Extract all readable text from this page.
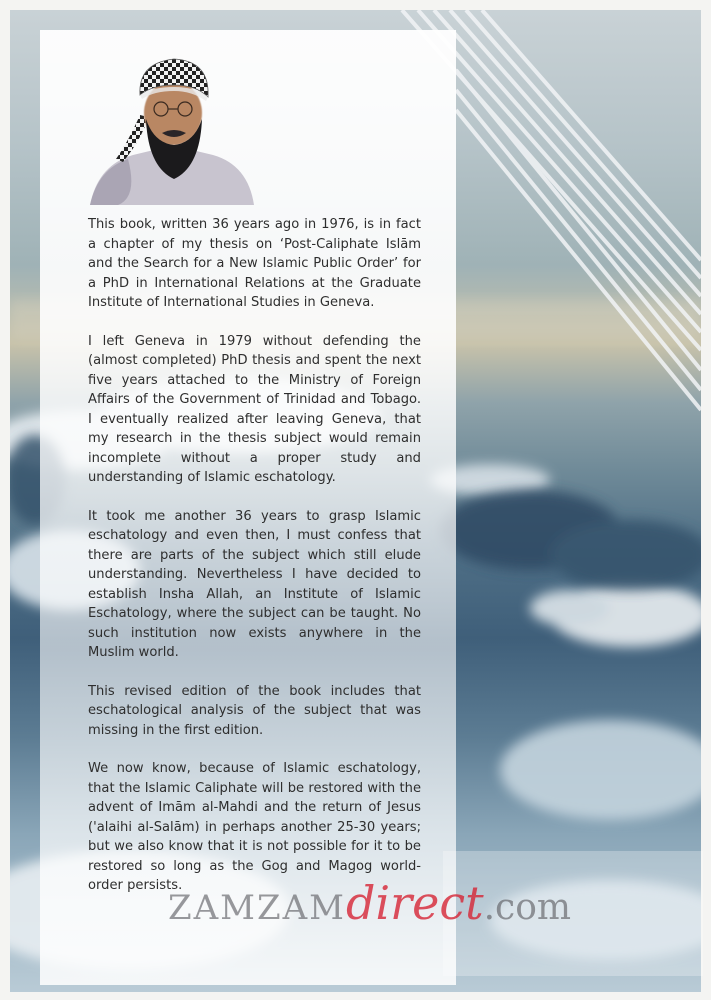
This book, written 36 years ago in 1976, is in fact a chapter of my thesis on ‘Post-Caliphate Islām and the Search for a New Islamic Public Order’ for a PhD in International Relations at the Graduate Institute of International Studies in Geneva.

I left Geneva in 1979 without defending the (almost completed) PhD thesis and spent the next five years attached to the Ministry of Foreign Affairs of the Government of Trinidad and Tobago. I eventually realized after leaving Geneva, that my research in the thesis subject would remain incomplete without a proper study and understanding of Islamic eschatology.

It took me another 36 years to grasp Islamic eschatology and even then, I must confess that there are parts of the subject which still elude understanding. Nevertheless I have decided to establish Insha Allah, an Institute of Islamic Eschatology, where the subject can be taught. No such institution now exists anywhere in the Muslim world.

This revised edition of the book includes that eschatological analysis of the subject that was missing in the first edition.

We now know, because of Islamic eschatology, that the Islamic Caliphate will be restored with the advent of Imām al-Mahdi and the return of Jesus ('alaihi al-Salām) in perhaps another 25-30 years; but we also know that it is not possible for it to be restored so long as the Gog and Magog world-order persists.

ZAMZAMdirect.com
